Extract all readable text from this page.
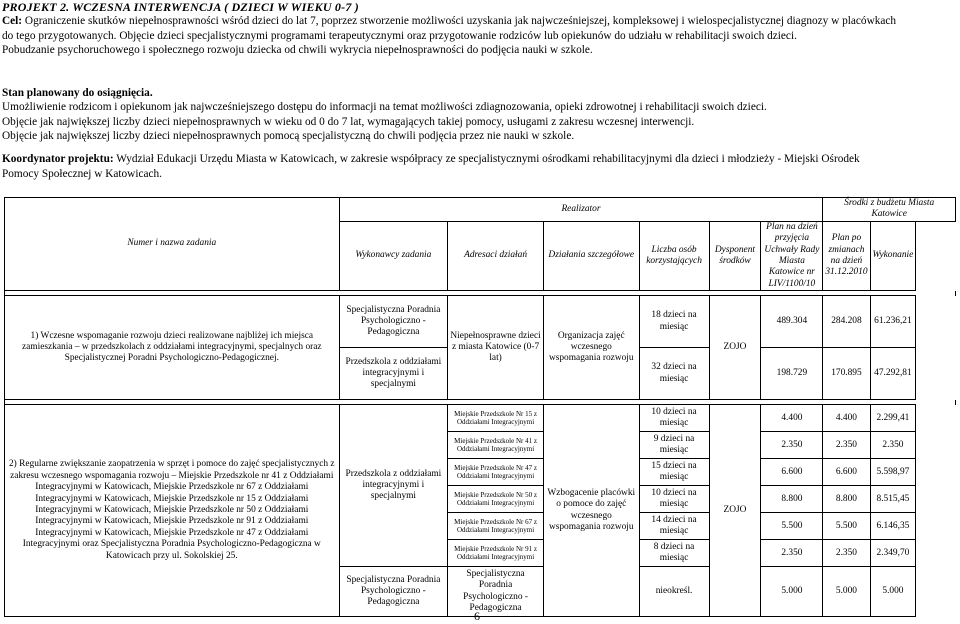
PROJEKT 2. WCZESNA INTERWENCJA ( DZIECI W WIEKU 0-7 )
Cel: Ograniczenie skutków niepełnosprawności wśród dzieci do lat 7, poprzez stworzenie możliwości uzyskania jak najwcześniejszej, kompleksowej i wielospecjalistycznej diagnozy w placówkach
do tego przygotowanych. Objęcie dzieci specjalistycznymi programami terapeutycznymi oraz przygotowanie rodziców lub opiekunów do udziału w rehabilitacji swoich dzieci.
Pobudzanie psychoruchowego i społecznego rozwoju dziecka od chwili wykrycia niepełnosprawności do podjęcia nauki w szkole.
Stan planowany do osiągnięcia.
Umożliwienie rodzicom i opiekunom jak najwcześniejszego dostępu do informacji na temat możliwości zdiagnozowania, opieki zdrowotnej i rehabilitacji swoich dzieci.
Objęcie jak największej liczby dzieci niepełnosprawnych w wieku od 0 do 7 lat, wymagających takiej pomocy, usługami z zakresu wczesnej interwencji.
Objęcie jak największej liczby dzieci niepełnosprawnych pomocą specjalistyczną do chwili podjęcia przez nie nauki w szkole.
Koordynator projektu: Wydział Edukacji Urzędu Miasta w Katowicach, w zakresie współpracy ze specjalistycznymi ośrodkami rehabilitacyjnymi dla dzieci i młodzieży - Miejski Ośrodek
Pomocy Społecznej w Katowicach.
Numer i nazwa zadania	Realizator						Środki z budżetu Miasta Katowice	
	Wykonawcy zadania	Adresaci działań	Działania szczegółowe	Liczba osób korzystających	Dysponent środków	Plan na dzień przyjęcia Uchwały Rady Miasta Katowice nr LIV/1100/10	Plan po zmianach na dzień 31.12.2010	Wykonanie

1) Wczesne wspomaganie rozwoju dzieci realizowane najbliżej ich miejsca zamieszkania – w przedszkolach z oddziałami integracyjnymi, specjalnych oraz Specjalistycznej Poradni Psychologiczno-Pedagogicznej.	Specjalistyczna Poradnia Psychologiczno - Pedagogiczna	Niepełnosprawne dzieci z miasta Katowice (0-7 lat)	Organizacja zajęć wczesnego wspomagania rozwoju	18 dzieci na miesiąc	ZOJO	489.304	284.208	61.236,21
	Przedszkola z oddziałami integracyjnymi i specjalnymi			32 dzieci na miesiąc		198.729	170.895	47.292,81

2) Regularne zwiększanie zaopatrzenia w sprzęt i pomoce do zajęć specjalistycznych z zakresu wczesnego wspomagania rozwoju – Miejskie Przedszkole nr 41 z Oddziałami Integracyjnymi w Katowicach, Miejskie Przedszkole nr 67 z Oddziałami Integracyjnymi w Katowicach, Miejskie Przedszkole nr 15 z Oddziałami Integracyjnymi w Katowicach, Miejskie Przedszkole nr 50 z Oddziałami Integracyjnymi w Katowicach, Miejskie Przedszkole nr 91 z Oddziałami Integracyjnymi w Katowicach, Miejskie Przedszkole nr 47 z Oddziałami Integracyjnymi oraz Specjalistyczna Poradnia Psychologiczno-Pedagogiczna w Katowicach przy ul. Sokolskiej 25.	Przedszkola z oddziałami integracyjnymi i specjalnymi	Miejskie Przedszkole Nr 15 z Oddziałami Integracyjnymi	Wzbogacenie placówki o pomoce do zajęć wczesnego wspomagania rozwoju	10 dzieci na miesiąc	ZOJO	4.400	4.400	2.299,41
		Miejskie Przedszkole Nr 41 z Oddziałami Integracyjnymi		9 dzieci na miesiąc		2.350	2.350	2.350
		Miejskie Przedszkole Nr 47 z Oddziałami Integracyjnymi		15 dzieci na miesiąc		6.600	6.600	5.598,97
		Miejskie Przedszkole Nr 50 z Oddziałami Integracyjnymi		10 dzieci na miesiąc		8.800	8.800	8.515,45
		Miejskie Przedszkole Nr 67 z Oddziałami Integracyjnymi		14 dzieci na miesiąc		5.500	5.500	6.146,35
		Miejskie Przedszkole Nr 91 z Oddziałami Integracyjnymi		8 dzieci na miesiąc		2.350	2.350	2.349,70
	Specjalistyczna Poradnia Psychologiczno - Pedagogiczna	Specjalistyczna Poradnia Psychologiczno - Pedagogiczna		nieokreśl.		5.000	5.000	5.000
6
